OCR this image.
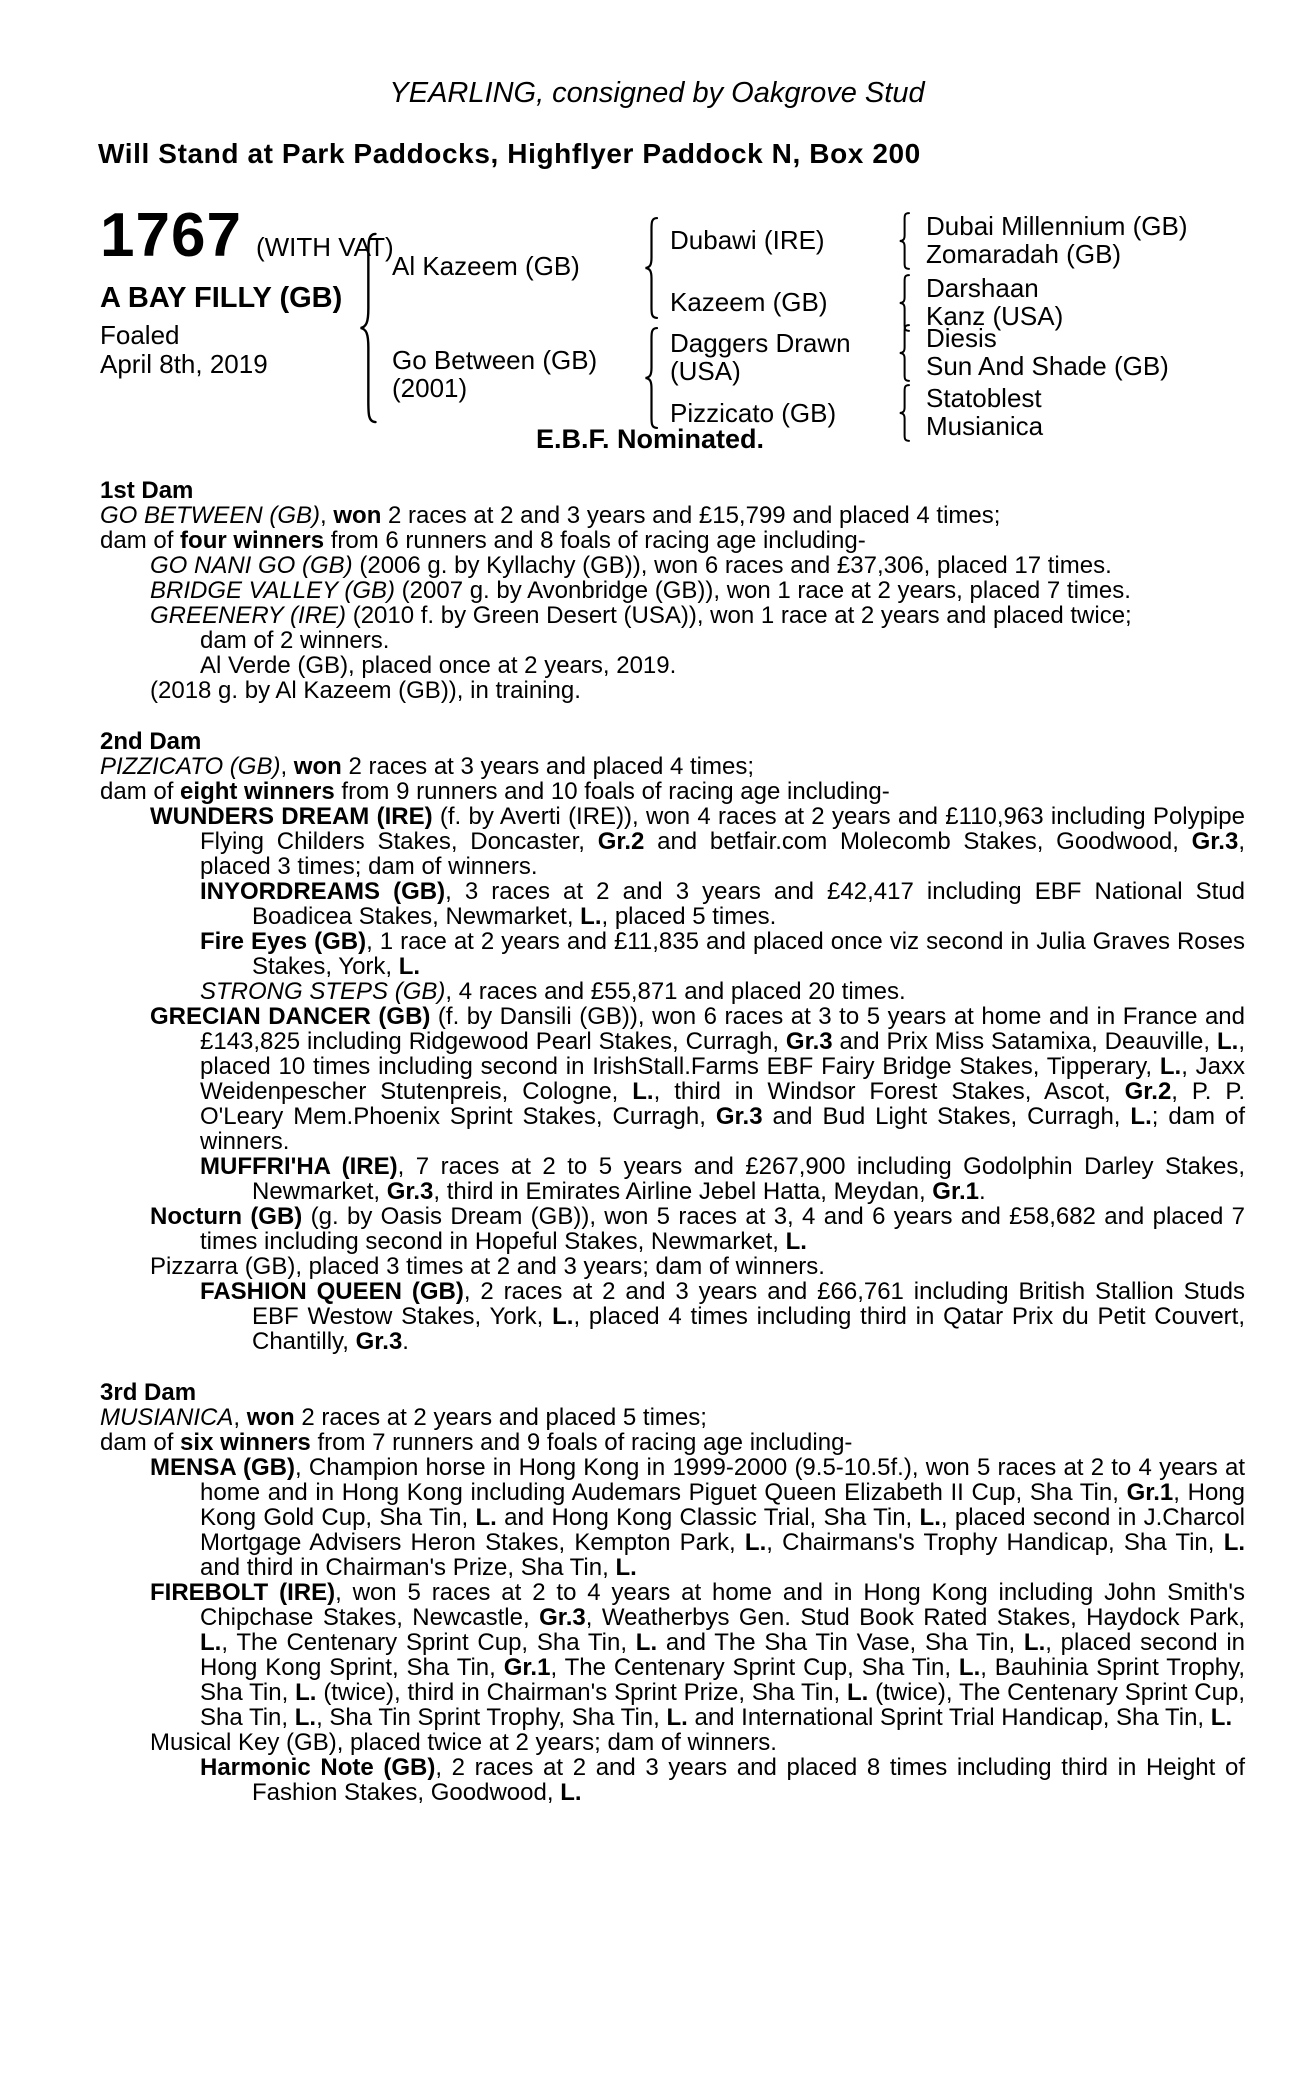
YEARLING, consigned by Oakgrove Stud
Will Stand at Park Paddocks, Highflyer Paddock N, Box 200
1767 (WITH VAT)
A BAY FILLY (GB)
Foaled
April 8th, 2019
Al Kazeem (GB)
Go Between (GB)
(2001)
Dubawi (IRE)
Kazeem (GB)
Daggers Drawn
(USA)
Pizzicato (GB)
Dubai Millennium (GB)
Zomaradah (GB)
Darshaan
Kanz (USA)
Diesis
Sun And Shade (GB)
Statoblest
Musianica
E.B.F. Nominated.
1st Dam
GO BETWEEN (GB), won 2 races at 2 and 3 years and £15,799 and placed 4 times;
dam of four winners from 6 runners and 8 foals of racing age including-
GO NANI GO (GB) (2006 g. by Kyllachy (GB)), won 6 races and £37,306, placed 17 times.
BRIDGE VALLEY (GB) (2007 g. by Avonbridge (GB)), won 1 race at 2 years, placed 7 times.
GREENERY (IRE) (2010 f. by Green Desert (USA)), won 1 race at 2 years and placed twice;
dam of 2 winners.
Al Verde (GB), placed once at 2 years, 2019.
(2018 g. by Al Kazeem (GB)), in training.
2nd Dam
PIZZICATO (GB), won 2 races at 3 years and placed 4 times;
dam of eight winners from 9 runners and 10 foals of racing age including-
WUNDERS DREAM (IRE) (f. by Averti (IRE)), won 4 races at 2 years and £110,963 including Polypipe Flying Childers Stakes, Doncaster, Gr.2 and betfair.com Molecomb Stakes, Goodwood, Gr.3, placed 3 times; dam of winners.
INYORDREAMS (GB), 3 races at 2 and 3 years and £42,417 including EBF National Stud Boadicea Stakes, Newmarket, L., placed 5 times.
Fire Eyes (GB), 1 race at 2 years and £11,835 and placed once viz second in Julia Graves Roses Stakes, York, L.
STRONG STEPS (GB), 4 races and £55,871 and placed 20 times.
GRECIAN DANCER (GB) (f. by Dansili (GB)), won 6 races at 3 to 5 years at home and in France and £143,825 including Ridgewood Pearl Stakes, Curragh, Gr.3 and Prix Miss Satamixa, Deauville, L., placed 10 times including second in IrishStall.Farms EBF Fairy Bridge Stakes, Tipperary, L., Jaxx Weidenpescher Stutenpreis, Cologne, L., third in Windsor Forest Stakes, Ascot, Gr.2, P. P. O'Leary Mem.Phoenix Sprint Stakes, Curragh, Gr.3 and Bud Light Stakes, Curragh, L.; dam of winners.
MUFFRI'HA (IRE), 7 races at 2 to 5 years and £267,900 including Godolphin Darley Stakes, Newmarket, Gr.3, third in Emirates Airline Jebel Hatta, Meydan, Gr.1.
Nocturn (GB) (g. by Oasis Dream (GB)), won 5 races at 3, 4 and 6 years and £58,682 and placed 7 times including second in Hopeful Stakes, Newmarket, L.
Pizzarra (GB), placed 3 times at 2 and 3 years; dam of winners.
FASHION QUEEN (GB), 2 races at 2 and 3 years and £66,761 including British Stallion Studs EBF Westow Stakes, York, L., placed 4 times including third in Qatar Prix du Petit Couvert, Chantilly, Gr.3.
3rd Dam
MUSIANICA, won 2 races at 2 years and placed 5 times;
dam of six winners from 7 runners and 9 foals of racing age including-
MENSA (GB), Champion horse in Hong Kong in 1999-2000 (9.5-10.5f.), won 5 races at 2 to 4 years at home and in Hong Kong including Audemars Piguet Queen Elizabeth II Cup, Sha Tin, Gr.1, Hong Kong Gold Cup, Sha Tin, L. and Hong Kong Classic Trial, Sha Tin, L., placed second in J.Charcol Mortgage Advisers Heron Stakes, Kempton Park, L., Chairmans's Trophy Handicap, Sha Tin, L. and third in Chairman's Prize, Sha Tin, L.
FIREBOLT (IRE), won 5 races at 2 to 4 years at home and in Hong Kong including John Smith's Chipchase Stakes, Newcastle, Gr.3, Weatherbys Gen. Stud Book Rated Stakes, Haydock Park, L., The Centenary Sprint Cup, Sha Tin, L. and The Sha Tin Vase, Sha Tin, L., placed second in Hong Kong Sprint, Sha Tin, Gr.1, The Centenary Sprint Cup, Sha Tin, L., Bauhinia Sprint Trophy, Sha Tin, L. (twice), third in Chairman's Sprint Prize, Sha Tin, L. (twice), The Centenary Sprint Cup, Sha Tin, L., Sha Tin Sprint Trophy, Sha Tin, L. and International Sprint Trial Handicap, Sha Tin, L.
Musical Key (GB), placed twice at 2 years; dam of winners.
Harmonic Note (GB), 2 races at 2 and 3 years and placed 8 times including third in Height of Fashion Stakes, Goodwood, L.
